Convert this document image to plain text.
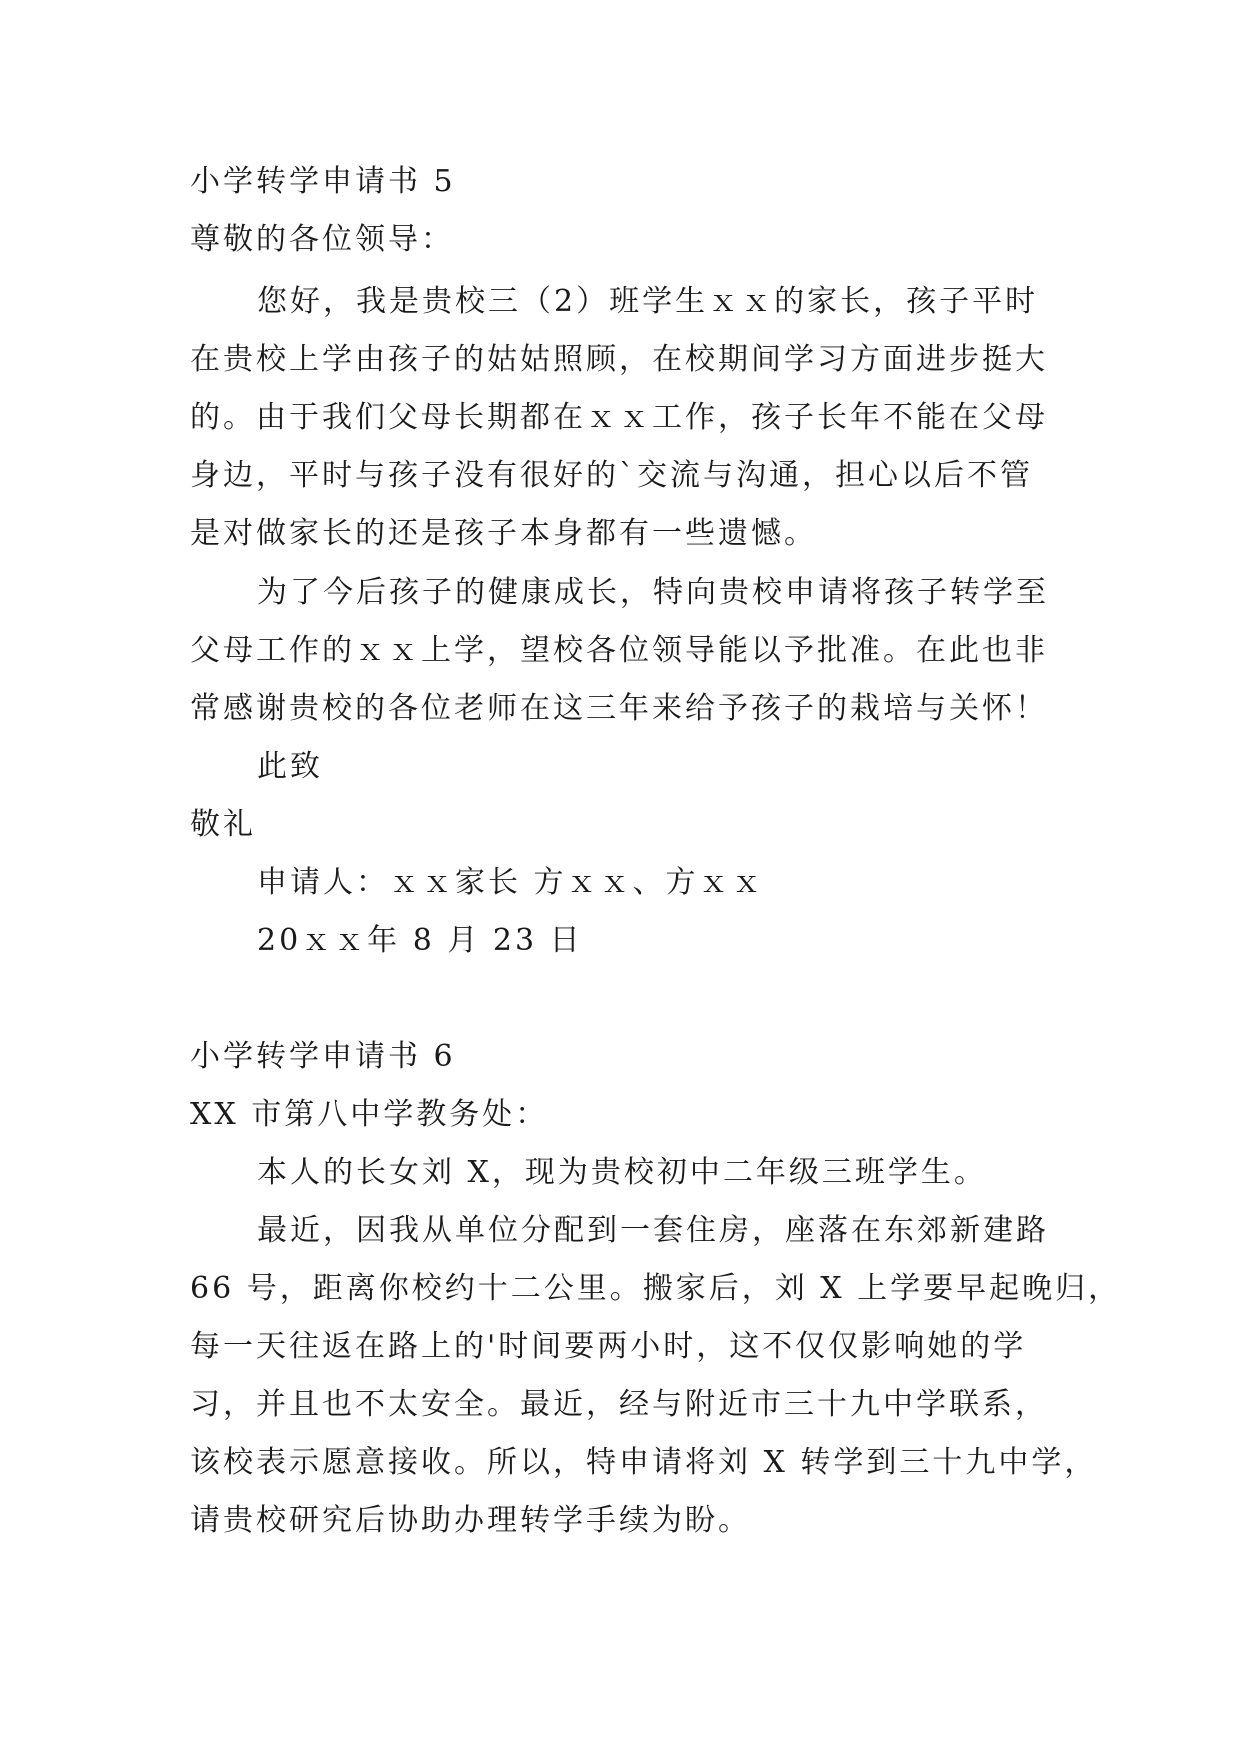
小学转学申请书 5

尊敬的各位领导：

您好，我是贵校三（2）班学生ｘｘ的家长，孩子平时

在贵校上学由孩子的姑姑照顾，在校期间学习方面进步挺大

的。由于我们父母长期都在ｘｘ工作，孩子长年不能在父母

身边，平时与孩子没有很好的`交流与沟通，担心以后不管

是对做家长的还是孩子本身都有一些遗憾。

为了今后孩子的健康成长，特向贵校申请将孩子转学至

父母工作的ｘｘ上学，望校各位领导能以予批准。在此也非

常感谢贵校的各位老师在这三年来给予孩子的栽培与关怀！

此致

敬礼

申请人：ｘｘ家长 方ｘｘ、方ｘｘ

20ｘｘ年 8 月 23 日

小学转学申请书 6

XX 市第八中学教务处：

本人的长女刘 X，现为贵校初中二年级三班学生。

最近，因我从单位分配到一套住房，座落在东郊新建路

66 号，距离你校约十二公里。搬家后，刘 X 上学要早起晚归，

每一天往返在路上的'时间要两小时，这不仅仅影响她的学

习，并且也不太安全。最近，经与附近市三十九中学联系，

该校表示愿意接收。所以，特申请将刘 X 转学到三十九中学，

请贵校研究后协助办理转学手续为盼。
